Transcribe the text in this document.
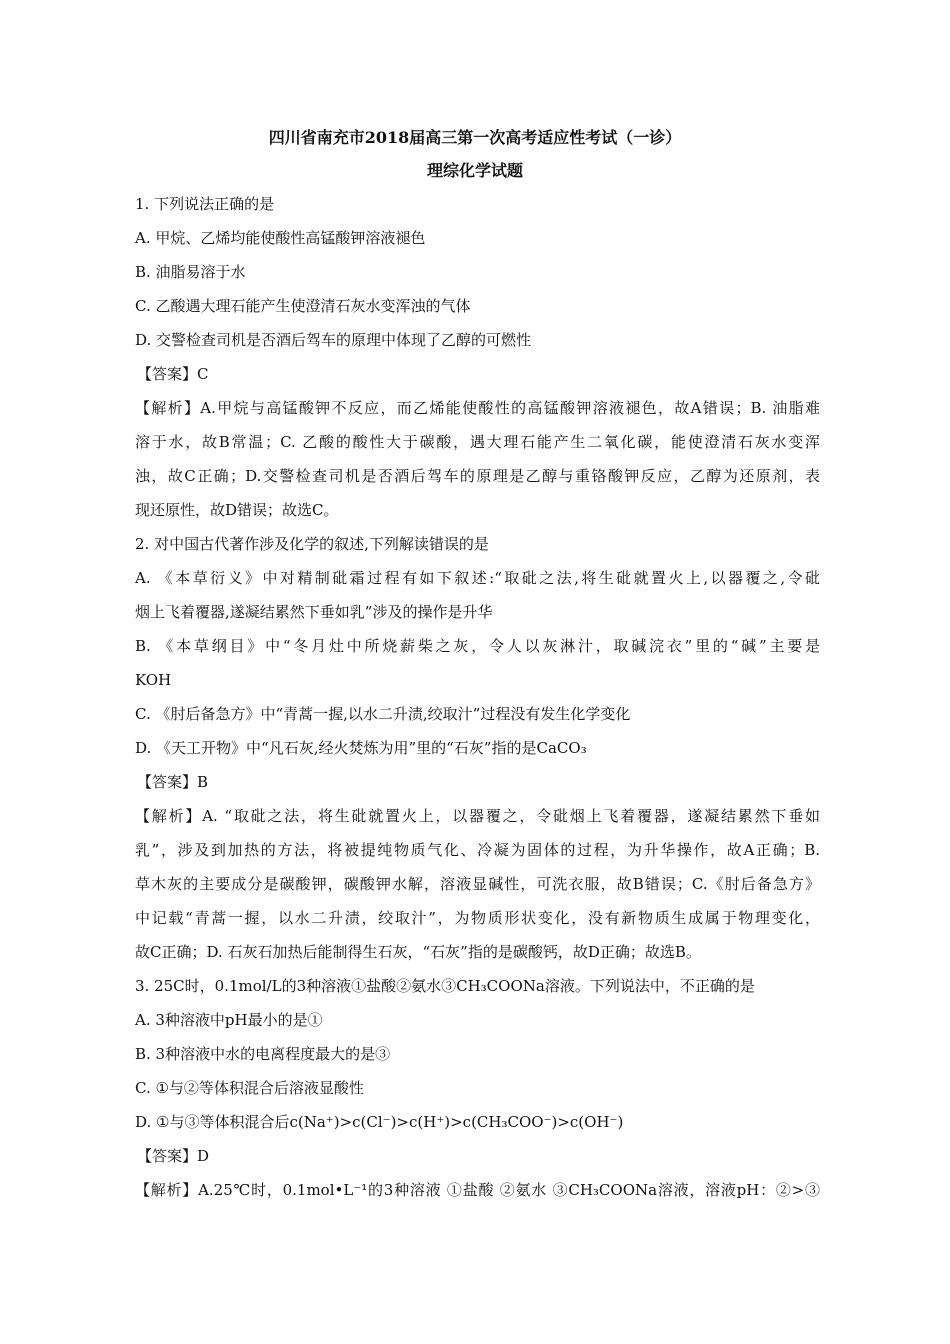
四川省南充市2018届高三第一次高考适应性考试（一诊）
理综化学试题
1. 下列说法正确的是
A. 甲烷、乙烯均能使酸性高锰酸钾溶液褪色
B. 油脂易溶于水
C. 乙酸遇大理石能产生使澄清石灰水变浑浊的气体
D. 交警检查司机是否酒后驾车的原理中体现了乙醇的可燃性
【答案】C
【解析】A.甲烷与高锰酸钾不反应，而乙烯能使酸性的高锰酸钾溶液褪色，故A错误；B. 油脂难
溶于水，故B常温；C. 乙酸的酸性大于碳酸，遇大理石能产生二氧化碳，能使澄清石灰水变浑
浊，故C正确；D.交警检查司机是否酒后驾车的原理是乙醇与重铬酸钾反应，乙醇为还原剂，表
现还原性，故D错误；故选C。
2. 对中国古代著作涉及化学的叙述,下列解读错误的是
A. 《本草衍义》中对精制砒霜过程有如下叙述:“取砒之法,将生砒就置火上,以器覆之,令砒
烟上飞着覆器,遂凝结累然下垂如乳”涉及的操作是升华
B. 《本草纲目》中“冬月灶中所烧薪柴之灰，令人以灰淋汁，取碱浣衣”里的“碱”主要是
KOH
C. 《肘后备急方》中“青蒿一握,以水二升渍,绞取汁”过程没有发生化学变化
D. 《天工开物》中“凡石灰,经火焚炼为用”里的“石灰”指的是CaCO₃
【答案】B
【解析】A. “取砒之法，将生砒就置火上，以器覆之，令砒烟上飞着覆器，遂凝结累然下垂如
乳”，涉及到加热的方法，将被提纯物质气化、冷凝为固体的过程，为升华操作，故A正确；B.
草木灰的主要成分是碳酸钾，碳酸钾水解，溶液显碱性，可洗衣服，故B错误；C.《肘后备急方》
中记载“青蒿一握，以水二升渍，绞取汁”，为物质形状变化，没有新物质生成属于物理变化，
故C正确；D. 石灰石加热后能制得生石灰，“石灰”指的是碳酸钙，故D正确；故选B。
3. 25C时，0.1mol/L的3种溶液①盐酸②氨水③CH₃COONa溶液。下列说法中，不正确的是
A. 3种溶液中pH最小的是①
B. 3种溶液中水的电离程度最大的是③
C. ①与②等体积混合后溶液显酸性
D. ①与③等体积混合后c(Na⁺)>c(Cl⁻)>c(H⁺)>c(CH₃COO⁻)>c(OH⁻)
【答案】D
【解析】A.25℃时，0.1mol•L⁻¹的3种溶液 ①盐酸 ②氨水 ③CH₃COONa溶液，溶液pH：②>③
